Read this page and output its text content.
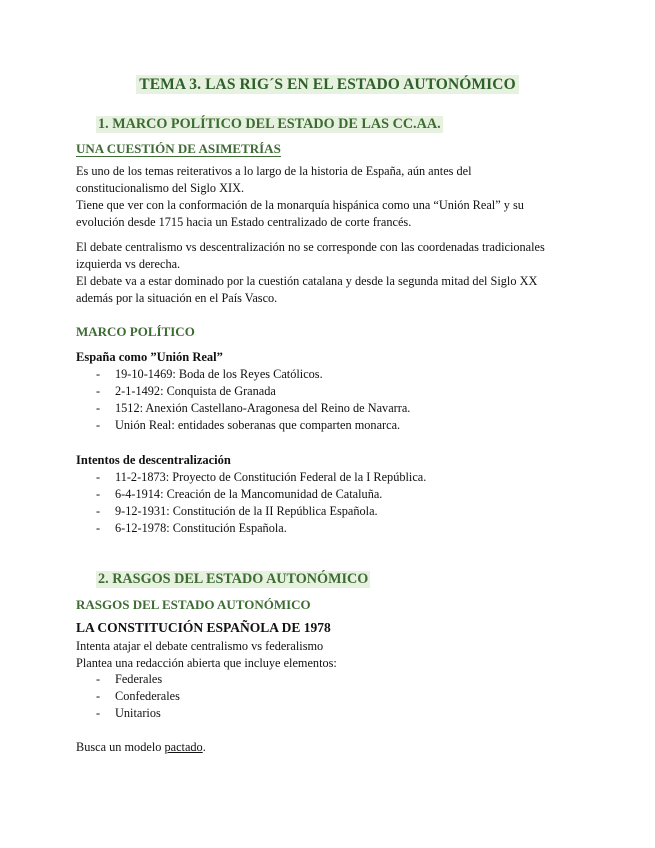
TEMA 3. LAS RIG´S EN EL ESTADO AUTONÓMICO
1. MARCO POLÍTICO DEL ESTADO DE LAS CC.AA.
UNA CUESTIÓN DE ASIMETRÍAS

Es uno de los temas reiterativos a lo largo de la historia de España, aún antes del

constitucionalismo del Siglo XIX.

Tiene que ver con la conformación de la monarquía hispánica como una “Unión Real” y su

evolución desde 1715 hacia un Estado centralizado de corte francés.

El debate centralismo vs descentralización no se corresponde con las coordenadas tradicionales

izquierda vs derecha.

El debate va a estar dominado por la cuestión catalana y desde la segunda mitad del Siglo XX

además por la situación en el País Vasco.

MARCO POLÍTICO
España como ”Unión Real”
- 19-10-1469: Boda de los Reyes Católicos.
- 2-1-1492: Conquista de Granada
- 1512: Anexión Castellano-Aragonesa del Reino de Navarra.
- Unión Real: entidades soberanas que comparten monarca.
Intentos de descentralización
- 11-2-1873: Proyecto de Constitución Federal de la I República.
- 6-4-1914: Creación de la Mancomunidad de Cataluña.
- 9-12-1931: Constitución de la II República Española.
- 6-12-1978: Constitución Española.
2. RASGOS DEL ESTADO AUTONÓMICO
RASGOS DEL ESTADO AUTONÓMICO
LA CONSTITUCIÓN ESPAÑOLA DE 1978
Intenta atajar el debate centralismo vs federalismo
Plantea una redacción abierta que incluye elementos:
- Federales
- Confederales
- Unitarios
Busca un modelo pactado.
